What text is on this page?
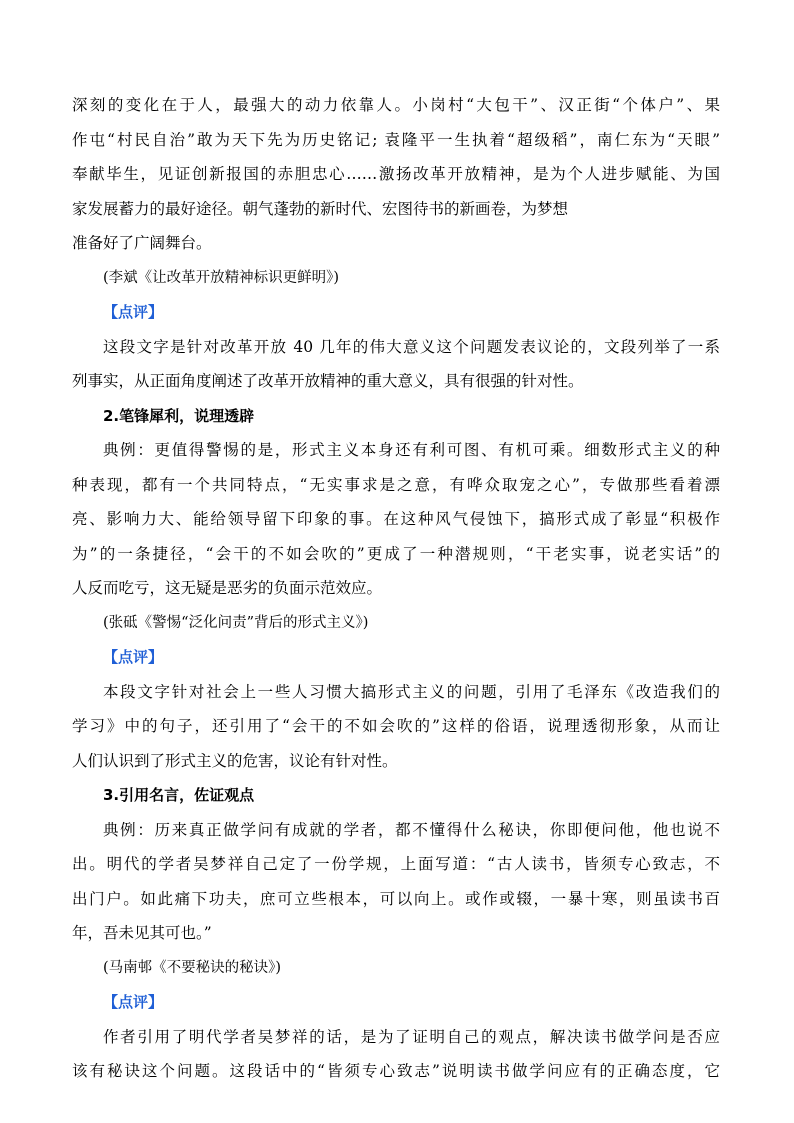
深刻的变化在于人，最强大的动力依靠人。小岗村“大包干”、汉正街“个体户”、果
作屯“村民自治”敢为天下先为历史铭记; 袁隆平一生执着“超级稻”，南仁东为“天眼”
奉献毕生，见证创新报国的赤胆忠心……激扬改革开放精神，是为个人进步赋能、为国
家发展蓄力的最好途径。朝气蓬勃的新时代、宏图待书的新画卷，为梦想
准备好了广阔舞台。
(李斌《让改革开放精神标识更鲜明》)
【点评】
这段文字是针对改革开放 40 几年的伟大意义这个问题发表议论的，文段列举了一系
列事实，从正面角度阐述了改革开放精神的重大意义，具有很强的针对性。
2.笔锋犀利，说理透辟
典例：更值得警惕的是，形式主义本身还有利可图、有机可乘。细数形式主义的种
种表现，都有一个共同特点，“无实事求是之意，有哗众取宠之心”，专做那些看着漂
亮、影响力大、能给领导留下印象的事。在这种风气侵蚀下，搞形式成了彰显“积极作
为”的一条捷径，“会干的不如会吹的”更成了一种潜规则，“干老实事，说老实话”的
人反而吃亏，这无疑是恶劣的负面示范效应。
(张砥《警惕“泛化问责”背后的形式主义》)
【点评】
本段文字针对社会上一些人习惯大搞形式主义的问题，引用了毛泽东《改造我们的
学习》中的句子，还引用了“会干的不如会吹的”这样的俗语，说理透彻形象，从而让
人们认识到了形式主义的危害，议论有针对性。
3.引用名言，佐证观点
典例：历来真正做学问有成就的学者，都不懂得什么秘诀，你即便问他，他也说不
出。明代的学者吴梦祥自己定了一份学规，上面写道：“古人读书，皆须专心致志，不
出门户。如此痛下功夫，庶可立些根本，可以向上。或作或辍，一暴十寒，则虽读书百
年，吾未见其可也。”
(马南邨《不要秘诀的秘诀》)
【点评】
作者引用了明代学者吴梦祥的话，是为了证明自己的观点，解决读书做学问是否应
该有秘诀这个问题。这段话中的“皆须专心致志”说明读书做学问应有的正确态度，它
